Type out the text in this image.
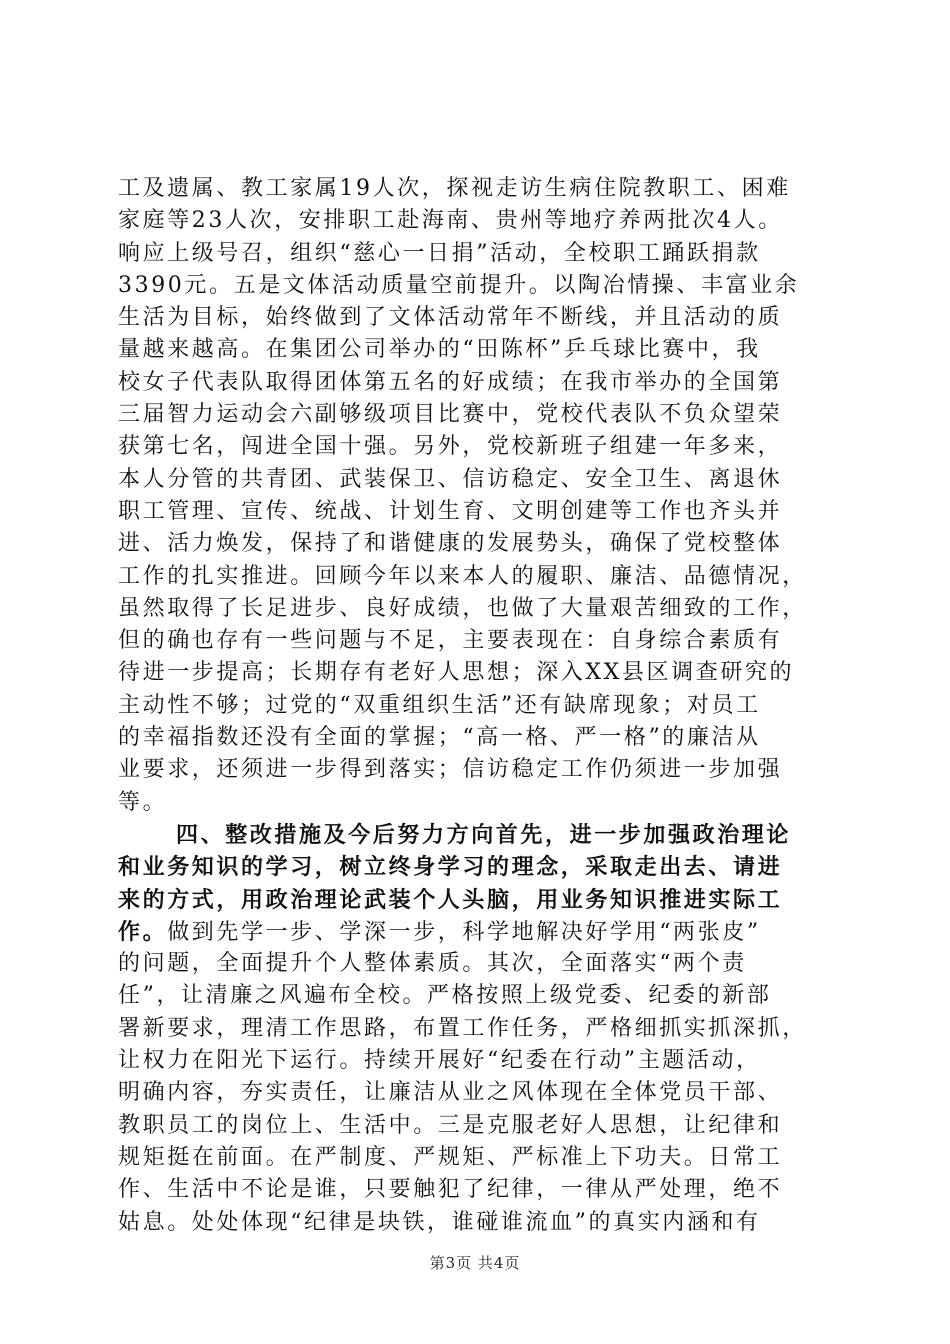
工及遗属、教工家属19人次，探视走访生病住院教职工、困难
家庭等23人次，安排职工赴海南、贵州等地疗养两批次4人。
响应上级号召，组织“慈心一日捐”活动，全校职工踊跃捐款
3390元。五是文体活动质量空前提升。以陶冶情操、丰富业余
生活为目标，始终做到了文体活动常年不断线，并且活动的质
量越来越高。在集团公司举办的“田陈杯”乒乓球比赛中，我
校女子代表队取得团体第五名的好成绩；在我市举办的全国第
三届智力运动会六副够级项目比赛中，党校代表队不负众望荣
获第七名，闯进全国十强。另外，党校新班子组建一年多来，
本人分管的共青团、武装保卫、信访稳定、安全卫生、离退休
职工管理、宣传、统战、计划生育、文明创建等工作也齐头并
进、活力焕发，保持了和谐健康的发展势头，确保了党校整体
工作的扎实推进。回顾今年以来本人的履职、廉洁、品德情况，
虽然取得了长足进步、良好成绩，也做了大量艰苦细致的工作，
但的确也存有一些问题与不足，主要表现在：自身综合素质有
待进一步提高；长期存有老好人思想；深入XX县区调查研究的
主动性不够；过党的“双重组织生活”还有缺席现象；对员工
的幸福指数还没有全面的掌握；“高一格、严一格”的廉洁从
业要求，还须进一步得到落实；信访稳定工作仍须进一步加强
等。
四、整改措施及今后努力方向首先，进一步加强政治理论
和业务知识的学习，树立终身学习的理念，采取走出去、请进
来的方式，用政治理论武装个人头脑，用业务知识推进实际工
作。做到先学一步、学深一步，科学地解决好学用“两张皮”
的问题，全面提升个人整体素质。其次，全面落实“两个责
任”，让清廉之风遍布全校。严格按照上级党委、纪委的新部
署新要求，理清工作思路，布置工作任务，严格细抓实抓深抓，
让权力在阳光下运行。持续开展好“纪委在行动”主题活动，
明确内容，夯实责任，让廉洁从业之风体现在全体党员干部、
教职员工的岗位上、生活中。三是克服老好人思想，让纪律和
规矩挺在前面。在严制度、严规矩、严标准上下功夫。日常工
作、生活中不论是谁，只要触犯了纪律，一律从严处理，绝不
姑息。处处体现“纪律是块铁，谁碰谁流血”的真实内涵和有
第3页 共4页
